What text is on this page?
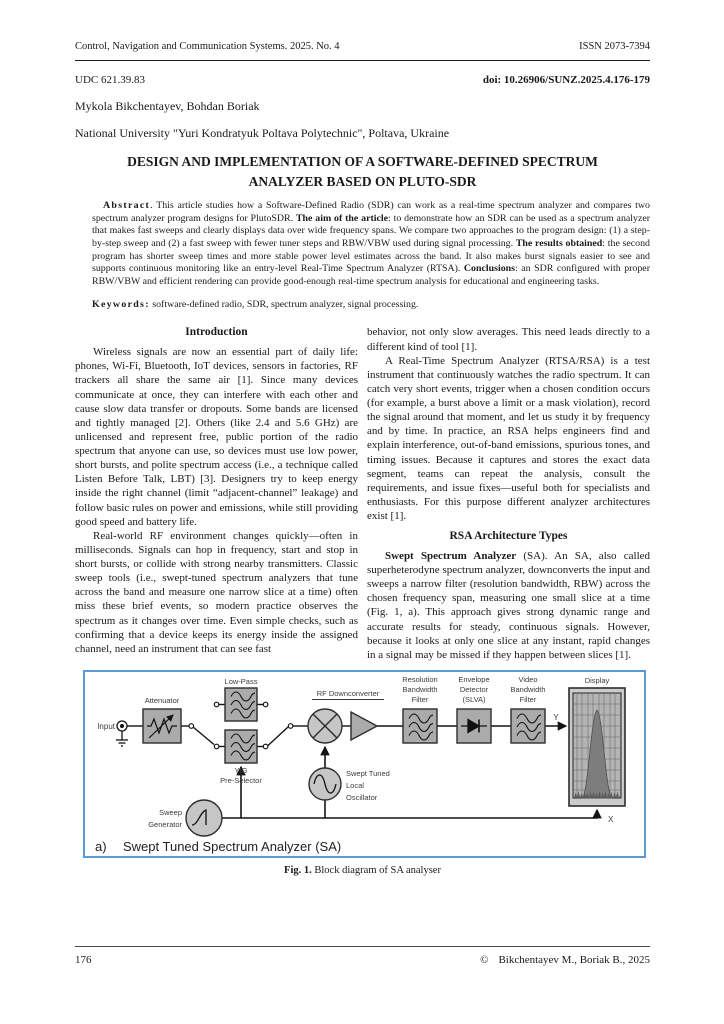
Control, Navigation and Communication Systems. 2025. No. 4	ISSN 2073-7394
UDC 621.39.83	doi: 10.26906/SUNZ.2025.4.176-179
Mykola Bikchentayev, Bohdan Boriak
National University "Yuri Kondratyuk Poltava Polytechnic", Poltava, Ukraine
DESIGN AND IMPLEMENTATION OF A SOFTWARE-DEFINED SPECTRUM ANALYZER BASED ON PLUTO-SDR

Abstract. This article studies how a Software-Defined Radio (SDR) can work as a real-time spectrum analyzer and compares two spectrum analyzer program designs for PlutoSDR. The aim of the article: to demonstrate how an SDR can be used as a spectrum analyzer that makes fast sweeps and clearly displays data over wide frequency spans. We compare two approaches to the program design: (1) a step-by-step sweep and (2) a fast sweep with fewer tuner steps and RBW/VBW used during signal processing. The results obtained: the second program has shorter sweep times and more stable power level estimates across the band. It also makes burst signals easier to see and supports continuous monitoring like an entry-level Real-Time Spectrum Analyzer (RTSA). Conclusions: an SDR configured with proper RBW/VBW and efficient rendering can provide good-enough real-time spectrum analysis for educational and engineering tasks.

Keywords: software-defined radio, SDR, spectrum analyzer, signal processing.

Introduction

Wireless signals are now an essential part of daily life: phones, Wi-Fi, Bluetooth, IoT devices, sensors in factories, RF trackers all share the same air [1]. Since many devices communicate at once, they can interfere with each other and cause slow data transfer or dropouts. Some bands are licensed and tightly managed [2]. Others (like 2.4 and 5.6 GHz) are unlicensed and represent free, public portion of the radio spectrum that anyone can use, so devices must use low power, short bursts, and polite spectrum access (i.e., a technique called Listen Before Talk, LBT) [3]. Designers try to keep energy inside the right channel (limit “adjacent-channel” leakage) and follow basic rules on power and emissions, while still providing good speed and battery life.

Real-world RF environment changes quickly—often in milliseconds. Signals can hop in frequency, start and stop in short bursts, or collide with strong nearby transmitters. Classic sweep tools (i.e., swept-tuned spectrum analyzers that tune across the band and measure one narrow slice at a time) often miss these brief events, so modern practice observes the spectrum as it changes over time. Even simple checks, such as confirming that a device keeps its energy inside the assigned channel, need an instrument that can see fast

behavior, not only slow averages. This need leads directly to a different kind of tool [1].

A Real-Time Spectrum Analyzer (RTSA/RSA) is a test instrument that continuously watches the radio spectrum. It can catch very short events, trigger when a chosen condition occurs (for example, a burst above a limit or a mask violation), record the signal around that moment, and let us study it by frequency and by time. In practice, an RSA helps engineers find and explain interference, out-of-band emissions, spurious tones, and timing issues. Because it captures and stores the exact data segment, teams can repeat the analysis, consult the requirements, and issue fixes—useful both for specialists and enthusiasts. For this purpose different analyzer architectures exist [1].

RSA Architecture Types

Swept Spectrum Analyzer (SA). An SA, also called superheterodyne spectrum analyzer, downconverts the input and sweeps a narrow filter (resolution bandwidth, RBW) across the chosen frequency span, measuring one small slice at a time (Fig. 1, a). This approach gives strong dynamic range and accurate results for steady, continuous signals. However, because it looks at only one slice at any instant, rapid changes in a signal may be missed if they happen between slices [1].

Input
Attenuator
Low-Pass
YIG
Pre-Selector
RF Downconverter
Resolution
Bandwidth
Filter
Envelope
Detector
(SLVA)
Video
Bandwidth
Filter
Display
Y
X
Swept Tuned
Local
Oscillator
Sweep
Generator
a) Swept Tuned Spectrum Analyzer (SA)
Fig. 1. Block diagram of SA analyser
176	© Bikchentayev M., Boriak B., 2025
